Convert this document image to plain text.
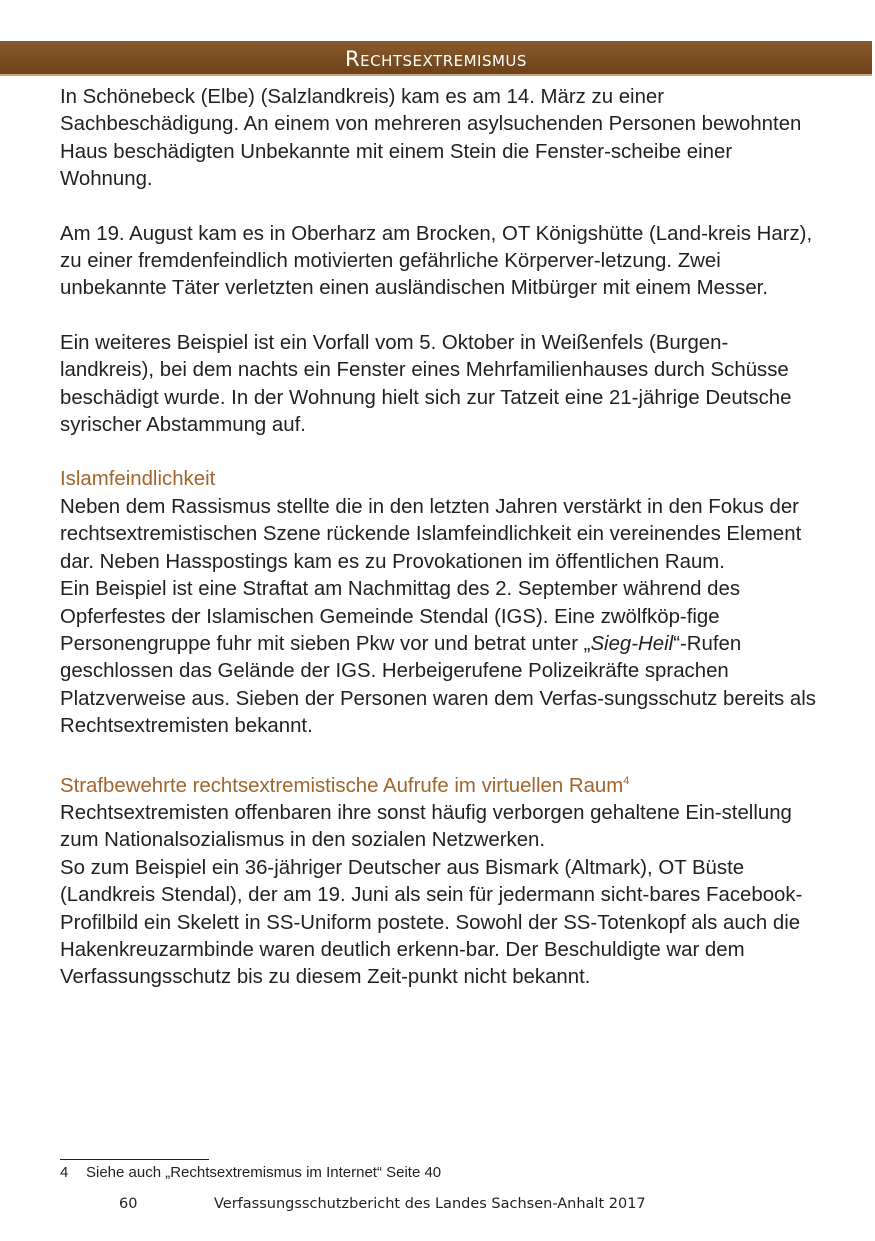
Rechtsextremismus

In Schönebeck (Elbe) (Salzlandkreis) kam es am 14. März zu einer Sachbeschädigung. An einem von mehreren asylsuchenden Personen bewohnten Haus beschädigten Unbekannte mit einem Stein die Fenster-scheibe einer Wohnung.

Am 19. August kam es in Oberharz am Brocken, OT Königshütte (Land-kreis Harz), zu einer fremdenfeindlich motivierten gefährliche Körperver-letzung. Zwei unbekannte Täter verletzten einen ausländischen Mitbürger mit einem Messer.

Ein weiteres Beispiel ist ein Vorfall vom 5. Oktober in Weißenfels (Burgen-landkreis), bei dem nachts ein Fenster eines Mehrfamilienhauses durch Schüsse beschädigt wurde. In der Wohnung hielt sich zur Tatzeit eine 21-jährige Deutsche syrischer Abstammung auf.

Islamfeindlichkeit

Neben dem Rassismus stellte die in den letzten Jahren verstärkt in den Fokus der rechtsextremistischen Szene rückende Islamfeindlichkeit ein vereinendes Element dar. Neben Hasspostings kam es zu Provokationen im öffentlichen Raum.

Ein Beispiel ist eine Straftat am Nachmittag des 2. September während des Opferfestes der Islamischen Gemeinde Stendal (IGS). Eine zwölfköp-fige Personengruppe fuhr mit sieben Pkw vor und betrat unter „Sieg-Heil“-Rufen geschlossen das Gelände der IGS. Herbeigerufene Polizeikräfte sprachen Platzverweise aus. Sieben der Personen waren dem Verfas-sungsschutz bereits als Rechtsextremisten bekannt.

Strafbewehrte rechtsextremistische Aufrufe im virtuellen Raum$^4$

Rechtsextremisten offenbaren ihre sonst häufig verborgen gehaltene Ein-stellung zum Nationalsozialismus in den sozialen Netzwerken.

So zum Beispiel ein 36-jähriger Deutscher aus Bismark (Altmark), OT Büste (Landkreis Stendal), der am 19. Juni als sein für jedermann sicht-bares Facebook-Profilbild ein Skelett in SS-Uniform postete. Sowohl der SS-Totenkopf als auch die Hakenkreuzarmbinde waren deutlich erkenn-bar. Der Beschuldigte war dem Verfassungsschutz bis zu diesem Zeit-punkt nicht bekannt.

4 Siehe auch „Rechtsextremismus im Internet“ Seite 40
60	Verfassungsschutzbericht des Landes Sachsen-Anhalt 2017
